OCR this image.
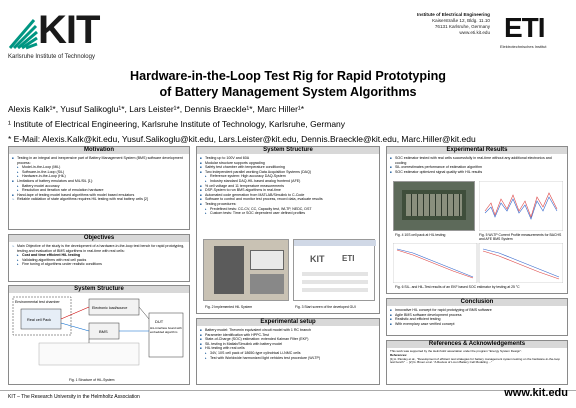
KIT
Karlsruhe Institute of Technology
Institute of Electrical Engineering
Kaiserstraße 12, Bldg. 11.10
76131 Karlsruhe, Germany
www.eti.kit.edu ETI
Elektrotechnisches Institut
Hardware-in-the-Loop Test Rig for Rapid Prototyping
of Battery Management System Algorithms
Alexis Kalk¹*, Yusuf Salikoglu¹*, Lars Leister¹*, Dennis Braeckle¹*, Marc Hiller¹*
¹ Institute of Electrical Engineering, Karlsruhe Institute of Technology, Karlsruhe, Germany
* E-Mail: Alexis.Kalk@kit.edu, Yusuf.Salikoglu@kit.edu, Lars.Leister@kit.edu, Dennis.Braeckle@kit.edu, Marc.Hiller@kit.edu
Motivation
■ Testing in an integral and inexpensive part of Battery Management System (BMS) software development process:
▸ Model-in-the-Loop (MiL)
▸ Software-in-the-Loop (SiL)
▸ Hardware-in-the-Loop (HiL)
■ Limitations of battery emulators and MiL/SiL [1]:
▸ Battery model accuracy
▸ Resolution and iteration rate of emulation hardware
■ Hand-tape of testing model based algorithms with model based emulators
➢ Reliable validation of state algorithms requires HiL testing with real battery cells [2]
Objectives
➢ Main Objective of the study is the development of a hardware-in-the-loop test bench for rapid prototyping, testing and evaluation of BMS algorithms in real-time with real cells:
▸ Cost and time efficient HiL testing
▸ Validating algorithms with real cell packs
▸ Fine tuning of algorithms under realistic conditions
System Structure
Environmental test chamber
Real cell Pack
Electronic load/source
BMS
DUT
HiL-Interface board with embedded algorithm
Fig. 1 Structure of HiL-System
System Structure
■ Testing up to 100V and 60A
■ Modular structure supports upgrading
■ Safety test chamber with temperature conditioning
■ Two independent parallel working Data Acquisition Systems (DAQ)
▸ Reference system: High accuracy DAQ-System
▸ Industry standard DAQ-HIL based analog frontend (AFE)
■ % cell voltage and 11 temperature measurements
■ DSP-System to run BMS algorithms in real-time
■ Automated code generation from MATLAB/Simulink to C-Code
■ Software to control and monitor test process, record data, evaluate results
■ Testing procedures:
▸ Predefined tests: CC-CV, CC, Capacity test, WLTP, NEDC, DST
▸ Custom tests: Time or SOC dependent user defined profiles
KIT ETI
Fig. 2 Implemented HiL System	Fig. 3 Start screen of the developed GUI
Experimental setup
■ Battery model: Thevenin equivalent circuit model with 1 RC branch
■ Parameter identification with HPPC-Test
■ State-of-Charge (SOC) estimation: extended Kalman Filter (EKF)
■ SIL testing in Matlab/Simulink with battery model
■ HIL testing with real cells
▸ 34V, 10S cell pack of 18650-type cylindrical Li-NMC cells
▸ Test with Worldwide harmonized light vehicles test procedure (WLTP)
Experimental Results
■ SOC estimator tested with real cells successfully in real-time without any additional electronics and cooling
■ SIL overestimates performance of estimation algorithm
■ SOC estimator optimized signal quality with HIL results
Fig. 4 10S cell pack at HIL testing	Fig. 5 WLTP Current Profile measurements for BACHS and AFE BMS System
Fig. 6 SIL- and HiL-Test results of an EKF based SOC estimator by testing at 25 °C
Conclusion
■ Innovative HIL concept for rapid prototyping of BMS software
■ Agile BMS software development process
■ Realistic and efficient testing
■ With exemplary case verified concept
References & Acknowledgements
This work was supported by the Helmholtz association under the program "Energy System Design".
References:
[1] A. Pandey et al., "Development of efficient test strategies for battery management system testing on the hardware-in-the-loop test bench" ... [2] G. Bruen et al. "A Review of Li-ion Battery Cell Modeling ..."
KIT – The Research University in the Helmholtz Association	www.kit.edu
